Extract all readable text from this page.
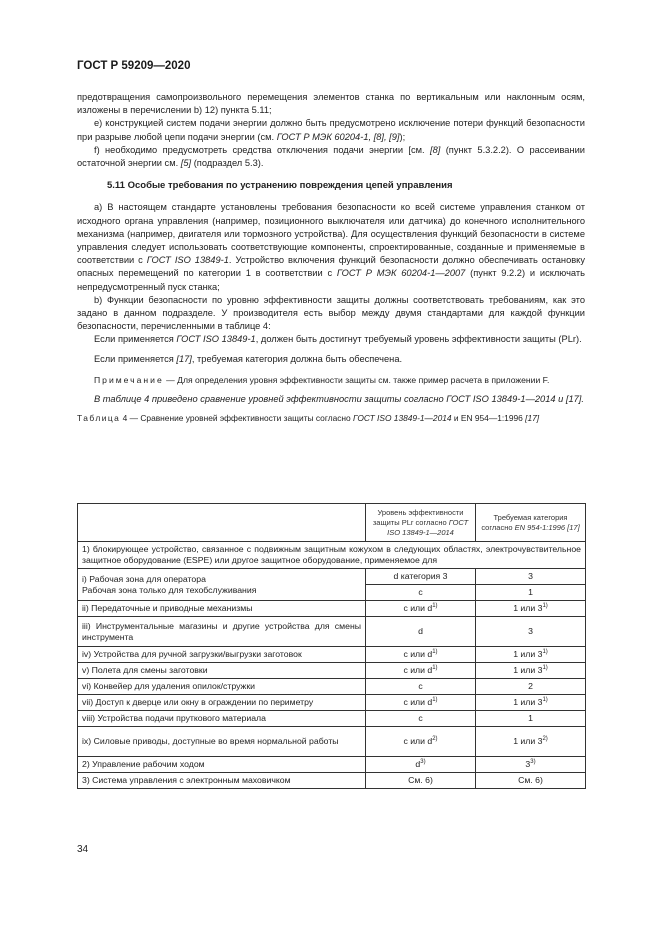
ГОСТ Р 59209—2020

предотвращения самопроизвольного перемещения элементов станка по вертикальным или наклонным осям, изложены в перечислении b) 12) пункта 5.11;

e) конструкцией систем подачи энергии должно быть предусмотрено исключение потери функций безопасности при разрыве любой цепи подачи энергии (см. ГОСТ Р МЭК 60204-1, [8], [9]);

f) необходимо предусмотреть средства отключения подачи энергии [см. [8] (пункт 5.3.2.2). О рассеивании остаточной энергии см. [5] (подраздел 5.3).

5.11 Особые требования по устранению повреждения цепей управления

a) В настоящем стандарте установлены требования безопасности ко всей системе управления станком от исходного органа управления (например, позиционного выключателя или датчика) до конечного исполнительного механизма (например, двигателя или тормозного устройства). Для осуществления функций безопасности в системе управления следует использовать соответствующие компоненты, спроектированные, созданные и применяемые в соответствии с ГОСТ ISO 13849-1. Устройство включения функций безопасности должно обеспечивать остановку опасных перемещений по категории 1 в соответствии с ГОСТ Р МЭК 60204-1—2007 (пункт 9.2.2) и исключать непредусмотренный пуск станка;

b) Функции безопасности по уровню эффективности защиты должны соответствовать требованиям, как это задано в данном подразделе. У производителя есть выбор между двумя стандартами для каждой функции безопасности, перечисленными в таблице 4:

Если применяется ГОСТ ISO 13849-1, должен быть достигнут требуемый уровень эффективности защиты (PLr).

Если применяется [17], требуемая категория должна быть обеспечена.

Примечание — Для определения уровня эффективности защиты см. также пример расчета в приложении F.

В таблице 4 приведено сравнение уровней эффективности защиты согласно ГОСТ ISO 13849-1—2014 и [17].

Таблица 4 — Сравнение уровней эффективности защиты согласно ГОСТ ISO 13849-1—2014 и EN 954—1:1996 [17]

	Уровень эффективности защиты PLr согласно ГОСТ ISO 13849-1—2014	Требуемая категория согласно EN 954-1:1996 [17]
1) блокирующее устройство, связанное с подвижным защитным кожухом в следующих областях, электрочувствительное защитное оборудование (ESPE) или другое защитное оборудование, применяемое для		

i) Рабочая зона для оператора
Рабочая зона только для техобслуживания	d категория 3	3
	c	1
ii) Передаточные и приводные механизмы	c или $d^{1)}$	1 или 3$^{1)}$
iii) Инструментальные магазины и другие устройства для смены инструмента	d	3
iv) Устройства для ручной загрузки/выгрузки заготовок	c или $d^{1)}$	1 или 3$^{1)}$
v) Полета для смены заготовки	c или $d^{1)}$	1 или 3$^{1)}$
vi) Конвейер для удаления опилок/стружки	c	2
vii) Доступ к дверце или окну в ограждении по периметру	c или $d^{1)}$	1 или 3$^{1)}$
viii) Устройства подачи пруткового материала	c	1
ix) Силовые приводы, доступные во время нормальной работы	c или $d^{2)}$	1 или 3$^{2)}$
2) Управление рабочим ходом	$d^{3)}$	3$^{3)}$
3) Система управления с электронным маховичком	См. 6)	См. 6)
34
